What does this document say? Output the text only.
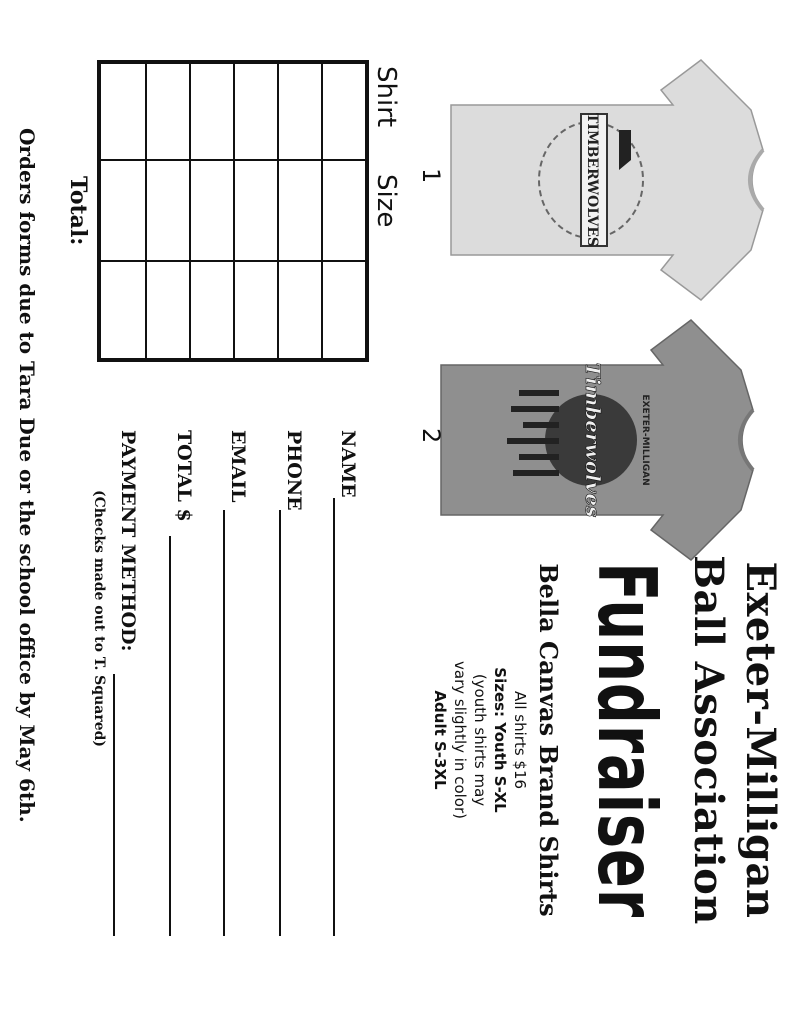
Exeter-Milligan
Ball Association
Fundraiser
Bella Canvas Brand Shirts
All shirts $16
Sizes: Youth S-XL
(youth shirts may
vary slightly in color)
Adult S-3XL
TIMBERWOLVES
1
EXETER-MILLIGAN
Timberwolves
2
Shirt
Size
Total:
NAME
PHONE
EMAIL
TOTAL $
PAYMENT METHOD:
(Checks made out to T. Squared)
Orders forms due to Tara Due or the school office by May 6th.
